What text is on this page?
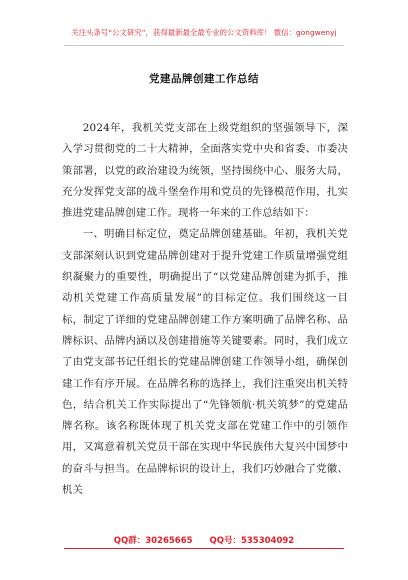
关注头条号“公文研究”，获得最新最全最专业的公文资料库！ 微信：gongwenyj
党建品牌创建工作总结

2024年，我机关党支部在上级党组织的坚强领导下，深入学习贯彻党的二十大精神，全面落实党中央和省委、市委决策部署，以党的政治建设为统领，坚持围绕中心、服务大局，充分发挥党支部的战斗堡垒作用和党员的先锋模范作用，扎实推进党建品牌创建工作。现将一年来的工作总结如下：

一、明确目标定位，奠定品牌创建基础。年初，我机关党支部深刻认识到党建品牌创建对于提升党建工作质量增强党组织凝聚力的重要性，明确提出了“以党建品牌创建为抓手，推动机关党建工作高质量发展”的目标定位。我们围绕这一目标，制定了详细的党建品牌创建工作方案明确了品牌名称、品牌标识、品牌内涵以及创建措施等关键要素。同时，我们成立了由党支部书记任组长的党建品牌创建工作领导小组，确保创建工作有序开展。在品牌名称的选择上，我们注重突出机关特色，结合机关工作实际提出了“先锋领航·机关筑梦”的党建品牌名称。该名称既体现了机关党支部在党建工作中的引领作用，又寓意着机关党员干部在实现中华民族伟大复兴中国梦中的奋斗与担当。在品牌标识的设计上，我们巧妙融合了党徽、机关

QQ群：30265665 QQ号：535304092
